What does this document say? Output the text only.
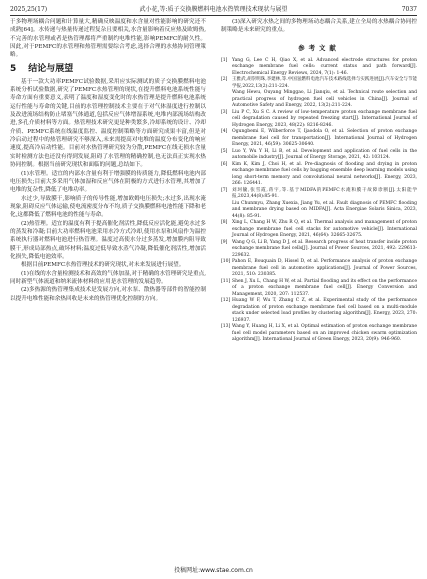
2025,25(17)	武小花,等:质子交换膜燃料电池水热管理技术现状与展望	7037

于多物理场耦合问题和计算量大,精确反映温度和水含量对性能影响的研究还不成熟[64]。水传递与热量传递过程复杂且要相关,水含量影响着反应热及欧姆热,不完善的水管理或者是热管理都将严重制约电堆性能,影响PEMFC的耐久性。因此,对于PEMFC的水管理和热管理需要综合考虑,选择合理的水热协同管理策略。

5 结论与展望

基于一款大功率PEMFC试验数据,采用应实际测试的质子交换膜燃料电池系统分析试验数据,研究了PEMFC水热管理的现状,在提升燃料电池系统性能与寿命方面有重要意义,表明了温度和湿度变化时的水热管理是提升燃料电池系统运行性能与寿命的关键,目前的水管理控制技术主要在于对气体湿度进行控制以及改进流场结构防止堵塞气体通道,包括反应气体增湿系统,电堆内部流场结构改进,多孔介质材料等方面。热管理技术研究更是种类繁多,冷却系统的设计、冷却介质、PEMFC系统在线温度监控、温度控制策略等方面研究成果丰富,但是对冷启动过程中的热管理研究不够深入,未来需提高对电堆的温度分布变化的响应速度,提高冷启动性能。目前对水热管理研究较为分散,PEMFC在线无损水含量实时检测方法也还没有得到发展,阻碍了水管理的精确控制,也无法真正实现水热协同控制。根据当前研究现状和面临的问题,总结如下。

(1)水管理。适宜的内部水含量有利于增强膜的传质能力,降低燃料电池内部电压损失;目前大多采用气体加湿和反应气体在阴极的方式进行水管理,其增加了电堆的复杂性,降低了电堆功率。

水过少,导致膜干,影响质子的传导性能,增加欧姆电压损失;水过多,出现水淹现象,阻碍反应气体运输,使电流密度分布不均,质子交换膜燃料电池性能下降和老化,这都降低了燃料电池的性能与寿命。

(2)热管理。适宜的温度有利于提高催化剂活性,降低反应活化能,避免水过多的蒸发和冷凝;目前大功率燃料电池采用水冷方式冷却,使用水泵和风扇作为温控系统执行器对燃料电池进行热管理。温度过高使水分过多蒸发,增加膜内阻导致膜干,形成局部热点,破坏材料;温度过低导致水蒸气冷凝,降低催化剂活性,增加活化损失,降低电池效率。

根据目前PEMFC水热管理技术的研究现状,对未来发展进行展望。

(1)在线的水含量检测技术和高效的气体加湿,对于精确的水管理研究是重点,同时新型气体流道和纳米流体材料的应用是水管理的发展趋势。

(2)多热源的热管理集成技术是发展方向,对水泵、散热器等部件的智能控制以提升电堆性能和余热回收是未来的热管理优化控制的方向。

(3)深入研究水热之间的多物理场动态耦合关系,建立全局的水热耦合协同控制策略是未来研究的重点。

参考文献
[1]	Yang G, Lee C H, Qiao X, et al. Advanced electrode structures for proton exchange membrane fuel cells: current status and path forward[J]. Electrochemical Energy Reviews, 2024, 7(1): 1-46.
[2]	王雅武,胡崇明珠,李建林,等.中国氢燃料电池汽车技术路线选择与实践进展[J].汽车安全与节能学报,2022,13(2):211-224.
Wang Hewu, Ouyang Minggao, Li Jianqiu, et al. Technical route selection and practical progress of hydrogen fuel cell vehicles in China[J]. Journal of Automotive Safety and Energy, 2022, 13(2):211-224.
[3]	Liu P C, Xu S C. A review of low-temperature proton exchange membrane fuel cell degradation caused by repeated freezing start[J]. International Journal of Hydrogen Energy, 2023, 48(22): 8216-8246.
[4]	Ogungbemi E, Wilberforce T, Ijaodola O, et al. Selection of proton exchange membrane fuel cell for transportation[J]. International Journal of Hydrogen Energy, 2021, 46(59): 30625-30640.
[5]	Luo Y, Wu Y H, Li B, et al. Development and application of fuel cells in the automobile industry[J]. Journal of Energy Storage, 2021, 42: 103124.
[6]	Kim K, Kim J, Choi H, et al. Pre-diagnosis of flooding and drying in proton exchange membrane fuel cells by bagging ensemble deep learning models using long short-term memory and convolutional neural networks[J]. Energy, 2023, 266: 126441.
[7]	刘珂毓,张雪霞,蒋宇,等.基于MIDFA的PEMFC水淹和膜干故障诊断[J].太阳能学报,2023,44(8):85-91.
Liu Chunmyu, Zhang Xuexia, Jiang Yu, et al. Fault diagnosis of PEMFC flooding and membrane drying based on MIDFA[J]. Acta Energiae Solaris Sinica, 2023, 44(8): 85-91.
[8]	Xing L, Chang H W, Zhu R Q, et al. Thermal analysis and management of proton exchange membrane fuel cell stacks for automotive vehicle[J]. International Journal of Hydrogen Energy, 2021, 46(64): 32665-32675.
[9]	Wang Q G, Li B, Yang D J, et al. Research progress of heat transfer inside proton exchange membrane fuel cells[J]. Journal of Power Sources, 2021, 492: 229613-229632.
[10] Pahon E, Bouquain D, Hissel D, et al. Performance analysis of proton exchange membrane fuel cell in automotive applications[J]. Journal of Power Sources, 2021, 510: 230385.
[11] Shen J, Xu L, Chang H W, et al. Partial flooding and its effect on the performance of a proton exchange membrane fuel cell[J]. Energy Conversion and Management, 2020, 207: 112537.
[12] Huang W F, Wu T, Zhang C Z, et al. Experimental study of the performance degradation of proton exchange membrane fuel cell based on a multi-module stack under selected load profiles by clustering algorithm[J]. Energy, 2023, 270: 126937.
[13] Wang Y, Huang H, Li X, et al. Optimal estimation of proton exchange membrane fuel cell model parameters based on an improved chicken swarm optimization algorithm[J]. International Journal of Green Energy, 2023, 20(9): 946-960.
投稿网址:www.stae.com.cn
